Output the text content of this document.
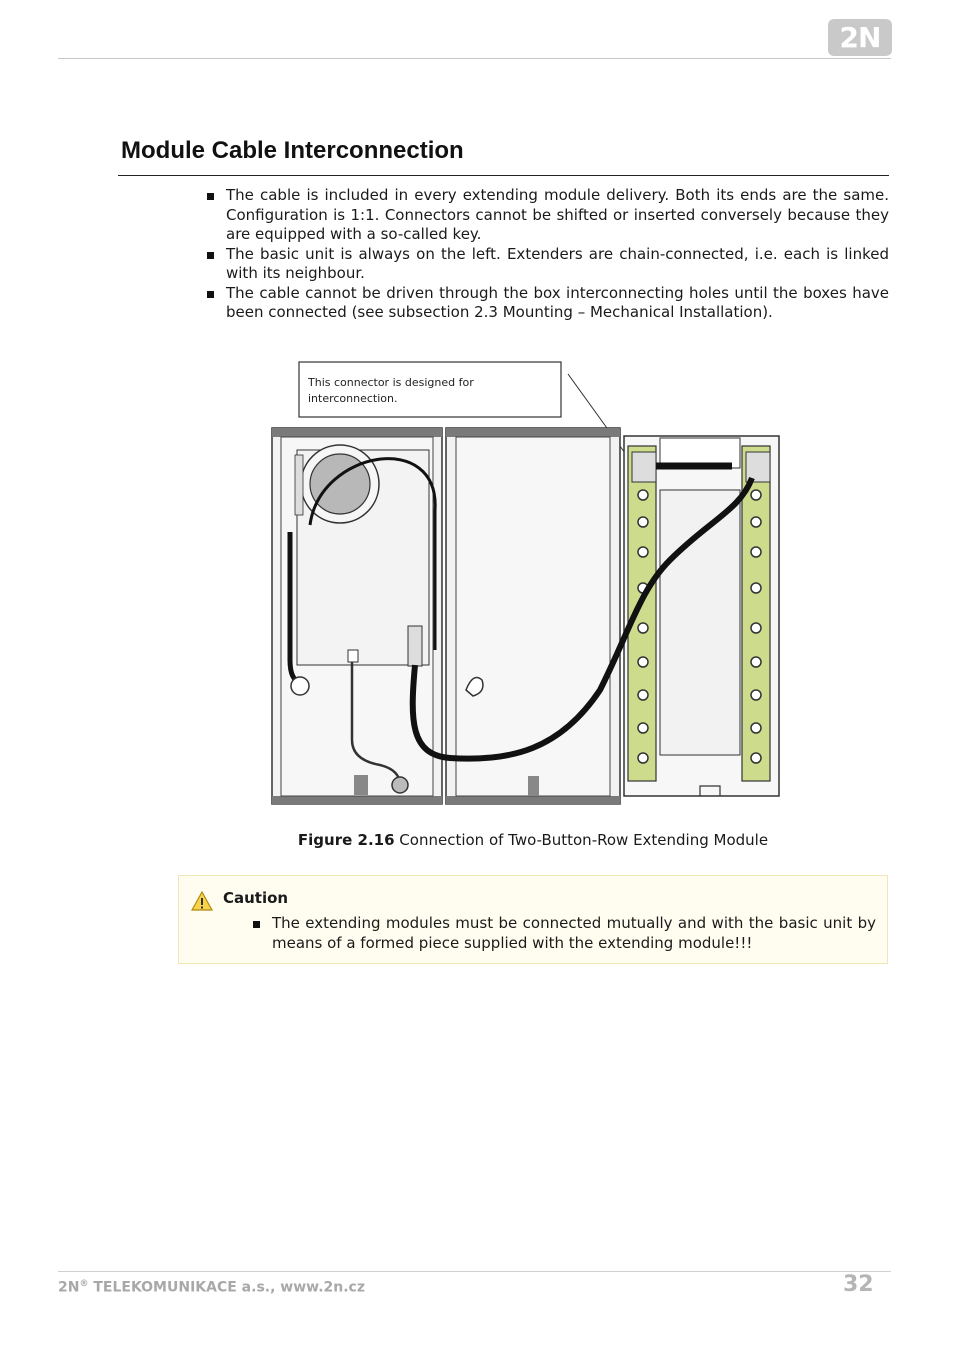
2N
Module Cable Interconnection
The cable is included in every extending module delivery. Both its ends are the same. Configuration is 1:1. Connectors cannot be shifted or inserted conversely because they are equipped with a so-called key.
The basic unit is always on the left. Extenders are chain-connected, i.e. each is linked with its neighbour.
The cable cannot be driven through the box interconnecting holes until the boxes have been connected (see subsection 2.3 Mounting – Mechanical Installation).
This connector is designed for
interconnection.
Figure 2.16 Connection of Two-Button-Row Extending Module
Caution
The extending modules must be connected mutually and with the basic unit by means of a formed piece supplied with the extending module!!!
2N® TELEKOMUNIKACE a.s., www.2n.cz	32
